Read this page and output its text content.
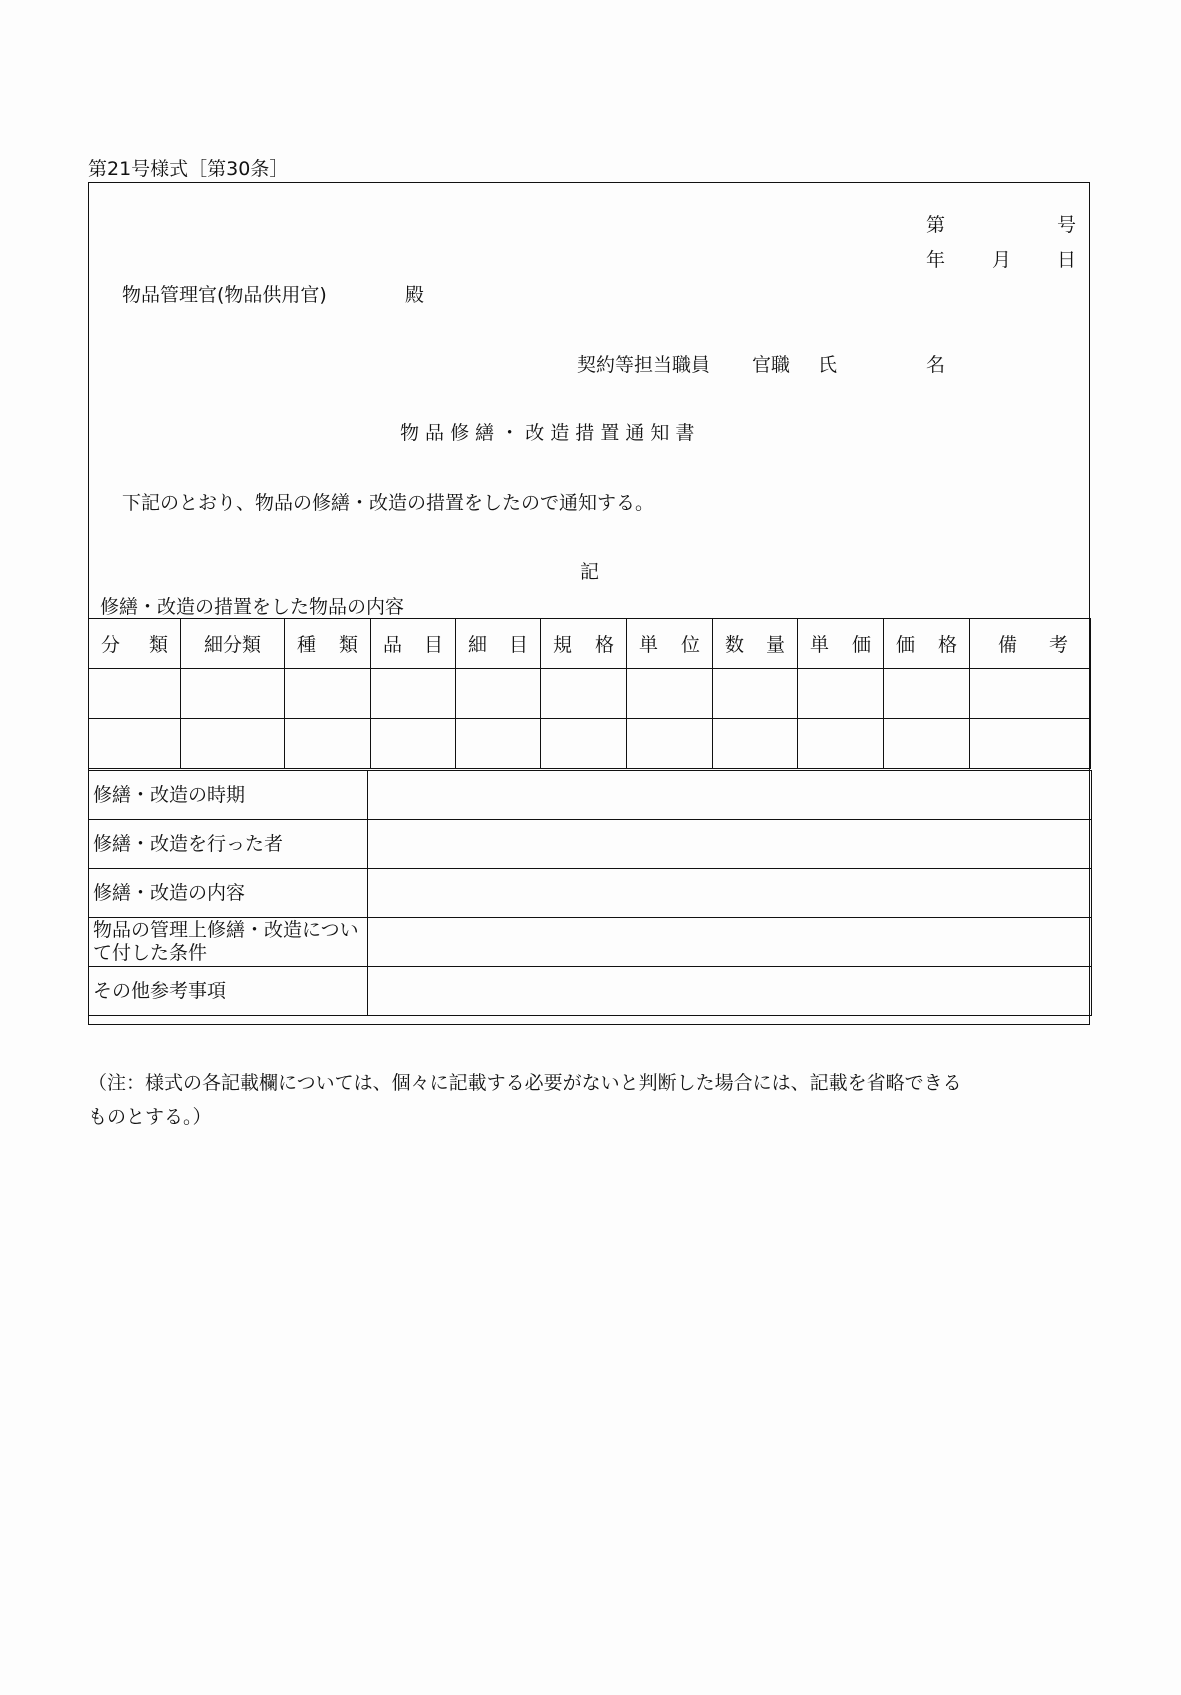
第21号様式［第30条］
第	号
年 月 日
物品管理官(物品供用官)	殿
契約等担当職員 官職 氏	名
物 品 修 繕 ・ 改 造 措 置 通 知 書
下記のとおり、物品の修繕・改造の措置をしたので通知する。
記
修繕・改造の措置をした物品の内容
分 類	細分類	種 類	品 目	細 目	規 格	単 位	数 量	単 価	価 格	備 考

修繕・改造の時期	
修繕・改造を行った者	
修繕・改造の内容	
物品の管理上修繕・改造について付した条件	
その他参考事項	
（注：様式の各記載欄については、個々に記載する必要がないと判断した場合には、記載を省略できる
ものとする。）
